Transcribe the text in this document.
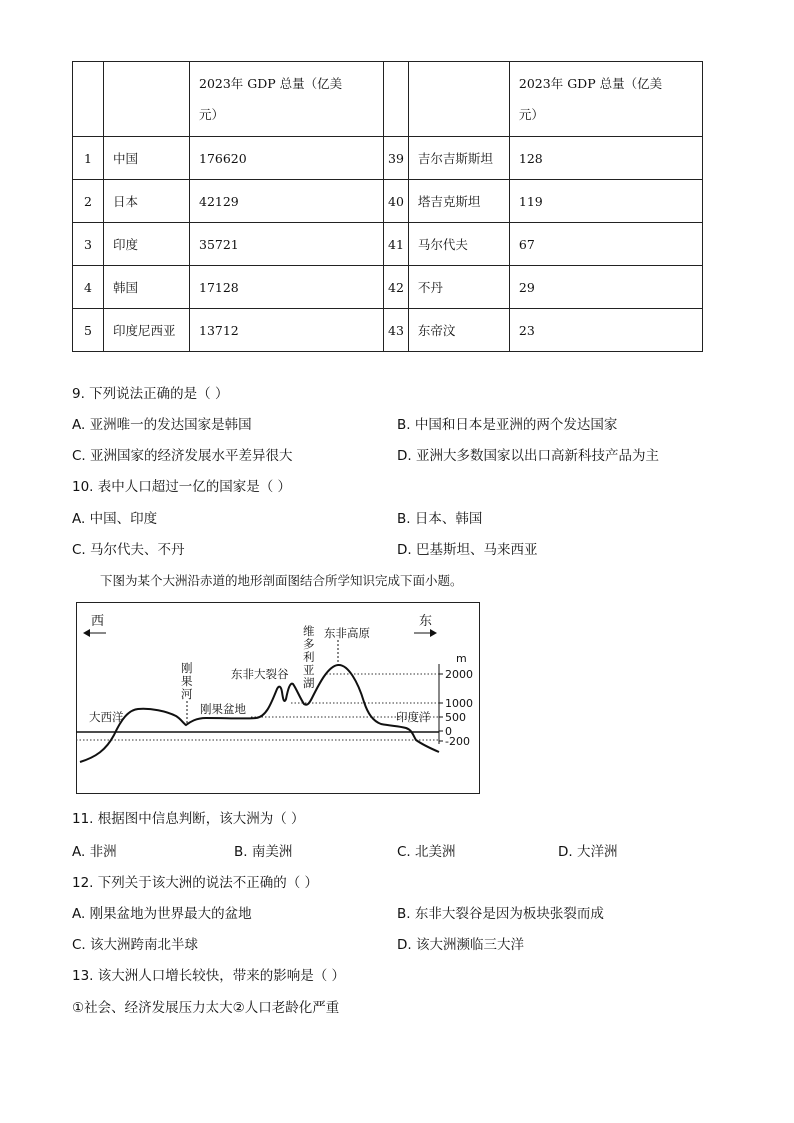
		2023年 GDP 总量（亿美
元）			2023年 GDP 总量（亿美
元）
1	中国	176620	39	吉尔吉斯斯坦	128
2	日本	42129	40	塔吉克斯坦	119
3	印度	35721	41	马尔代夫	67
4	韩国	17128	42	不丹	29
5	印度尼西亚	13712	43	东帝汶	23
9. 下列说法正确的是（ ）
A. 亚洲唯一的发达国家是韩国	B. 中国和日本是亚洲的两个发达国家
C. 亚洲国家的经济发展水平差异很大	D. 亚洲大多数国家以出口高新科技产品为主
10. 表中人口超过一亿的国家是（ ）
A. 中国、印度	B. 日本、韩国
C. 马尔代夫、不丹	D. 巴基斯坦、马来西亚
下图为某个大洲沿赤道的地形剖面图结合所学知识完成下面小题。
西	东
m
2000
1000
500
0
-200
大西洋
刚
果
河
刚果盆地
东非大裂谷
维
多
利
亚
湖
东非高原
印度洋
11. 根据图中信息判断，该大洲为（ ）
A. 非洲	B. 南美洲	C. 北美洲	D. 大洋洲
12. 下列关于该大洲的说法不正确的（ ）
A. 刚果盆地为世界最大的盆地	B. 东非大裂谷是因为板块张裂而成
C. 该大洲跨南北半球	D. 该大洲濒临三大洋
13. 该大洲人口增长较快，带来的影响是（ ）
①社会、经济发展压力太大②人口老龄化严重
